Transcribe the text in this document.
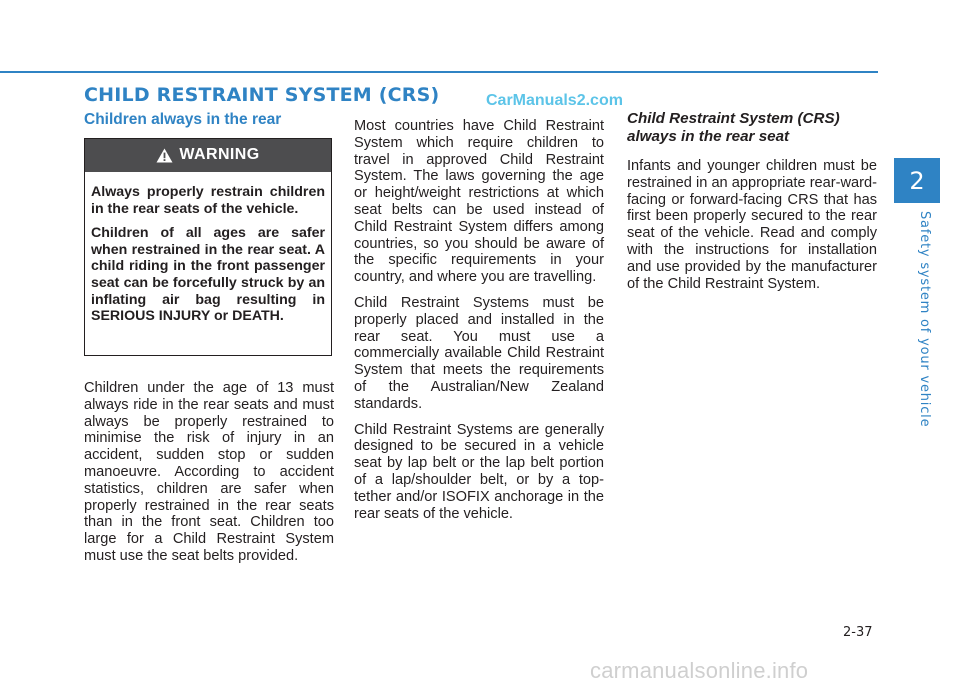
CHILD RESTRAINT SYSTEM (CRS)	CarManuals2.com
Children always in the rear
WARNING

Always properly restrain children in the rear seats of the vehicle.

Children of all ages are safer when restrained in the rear seat. A child riding in the front passenger seat can be forcefully struck by an inflating air bag resulting in SERIOUS INJURY or DEATH.

Children under the age of 13 must always ride in the rear seats and must always be properly restrained to minimise the risk of injury in an accident, sudden stop or sudden manoeuvre. According to accident statistics, children are safer when properly restrained in the rear seats than in the front seat. Children too large for a Child Restraint System must use the seat belts provided.

Most countries have Child Restraint System which require children to travel in approved Child Restraint System. The laws governing the age or height/weight restrictions at which seat belts can be used instead of Child Restraint System differs among countries, so you should be aware of the specific requirements in your country, and where you are travelling.

Child Restraint Systems must be properly placed and installed in the rear seat. You must use a commercially available Child Restraint System that meets the requirements of the Australian/New Zealand standards.

Child Restraint Systems are generally designed to be secured in a vehicle seat by lap belt or the lap belt portion of a lap/shoulder belt, or by a top-tether and/or ISOFIX anchorage in the rear seats of the vehicle.

Child Restraint System (CRS)
always in the rear seat

Infants and younger children must be restrained in an appropriate rear-ward-facing or forward-facing CRS that has first been properly secured to the rear seat of the vehicle. Read and comply with the instructions for installation and use provided by the manufacturer of the Child Restraint System.

2
Safety system of your vehicle
2-37
carmanualsonline.info
